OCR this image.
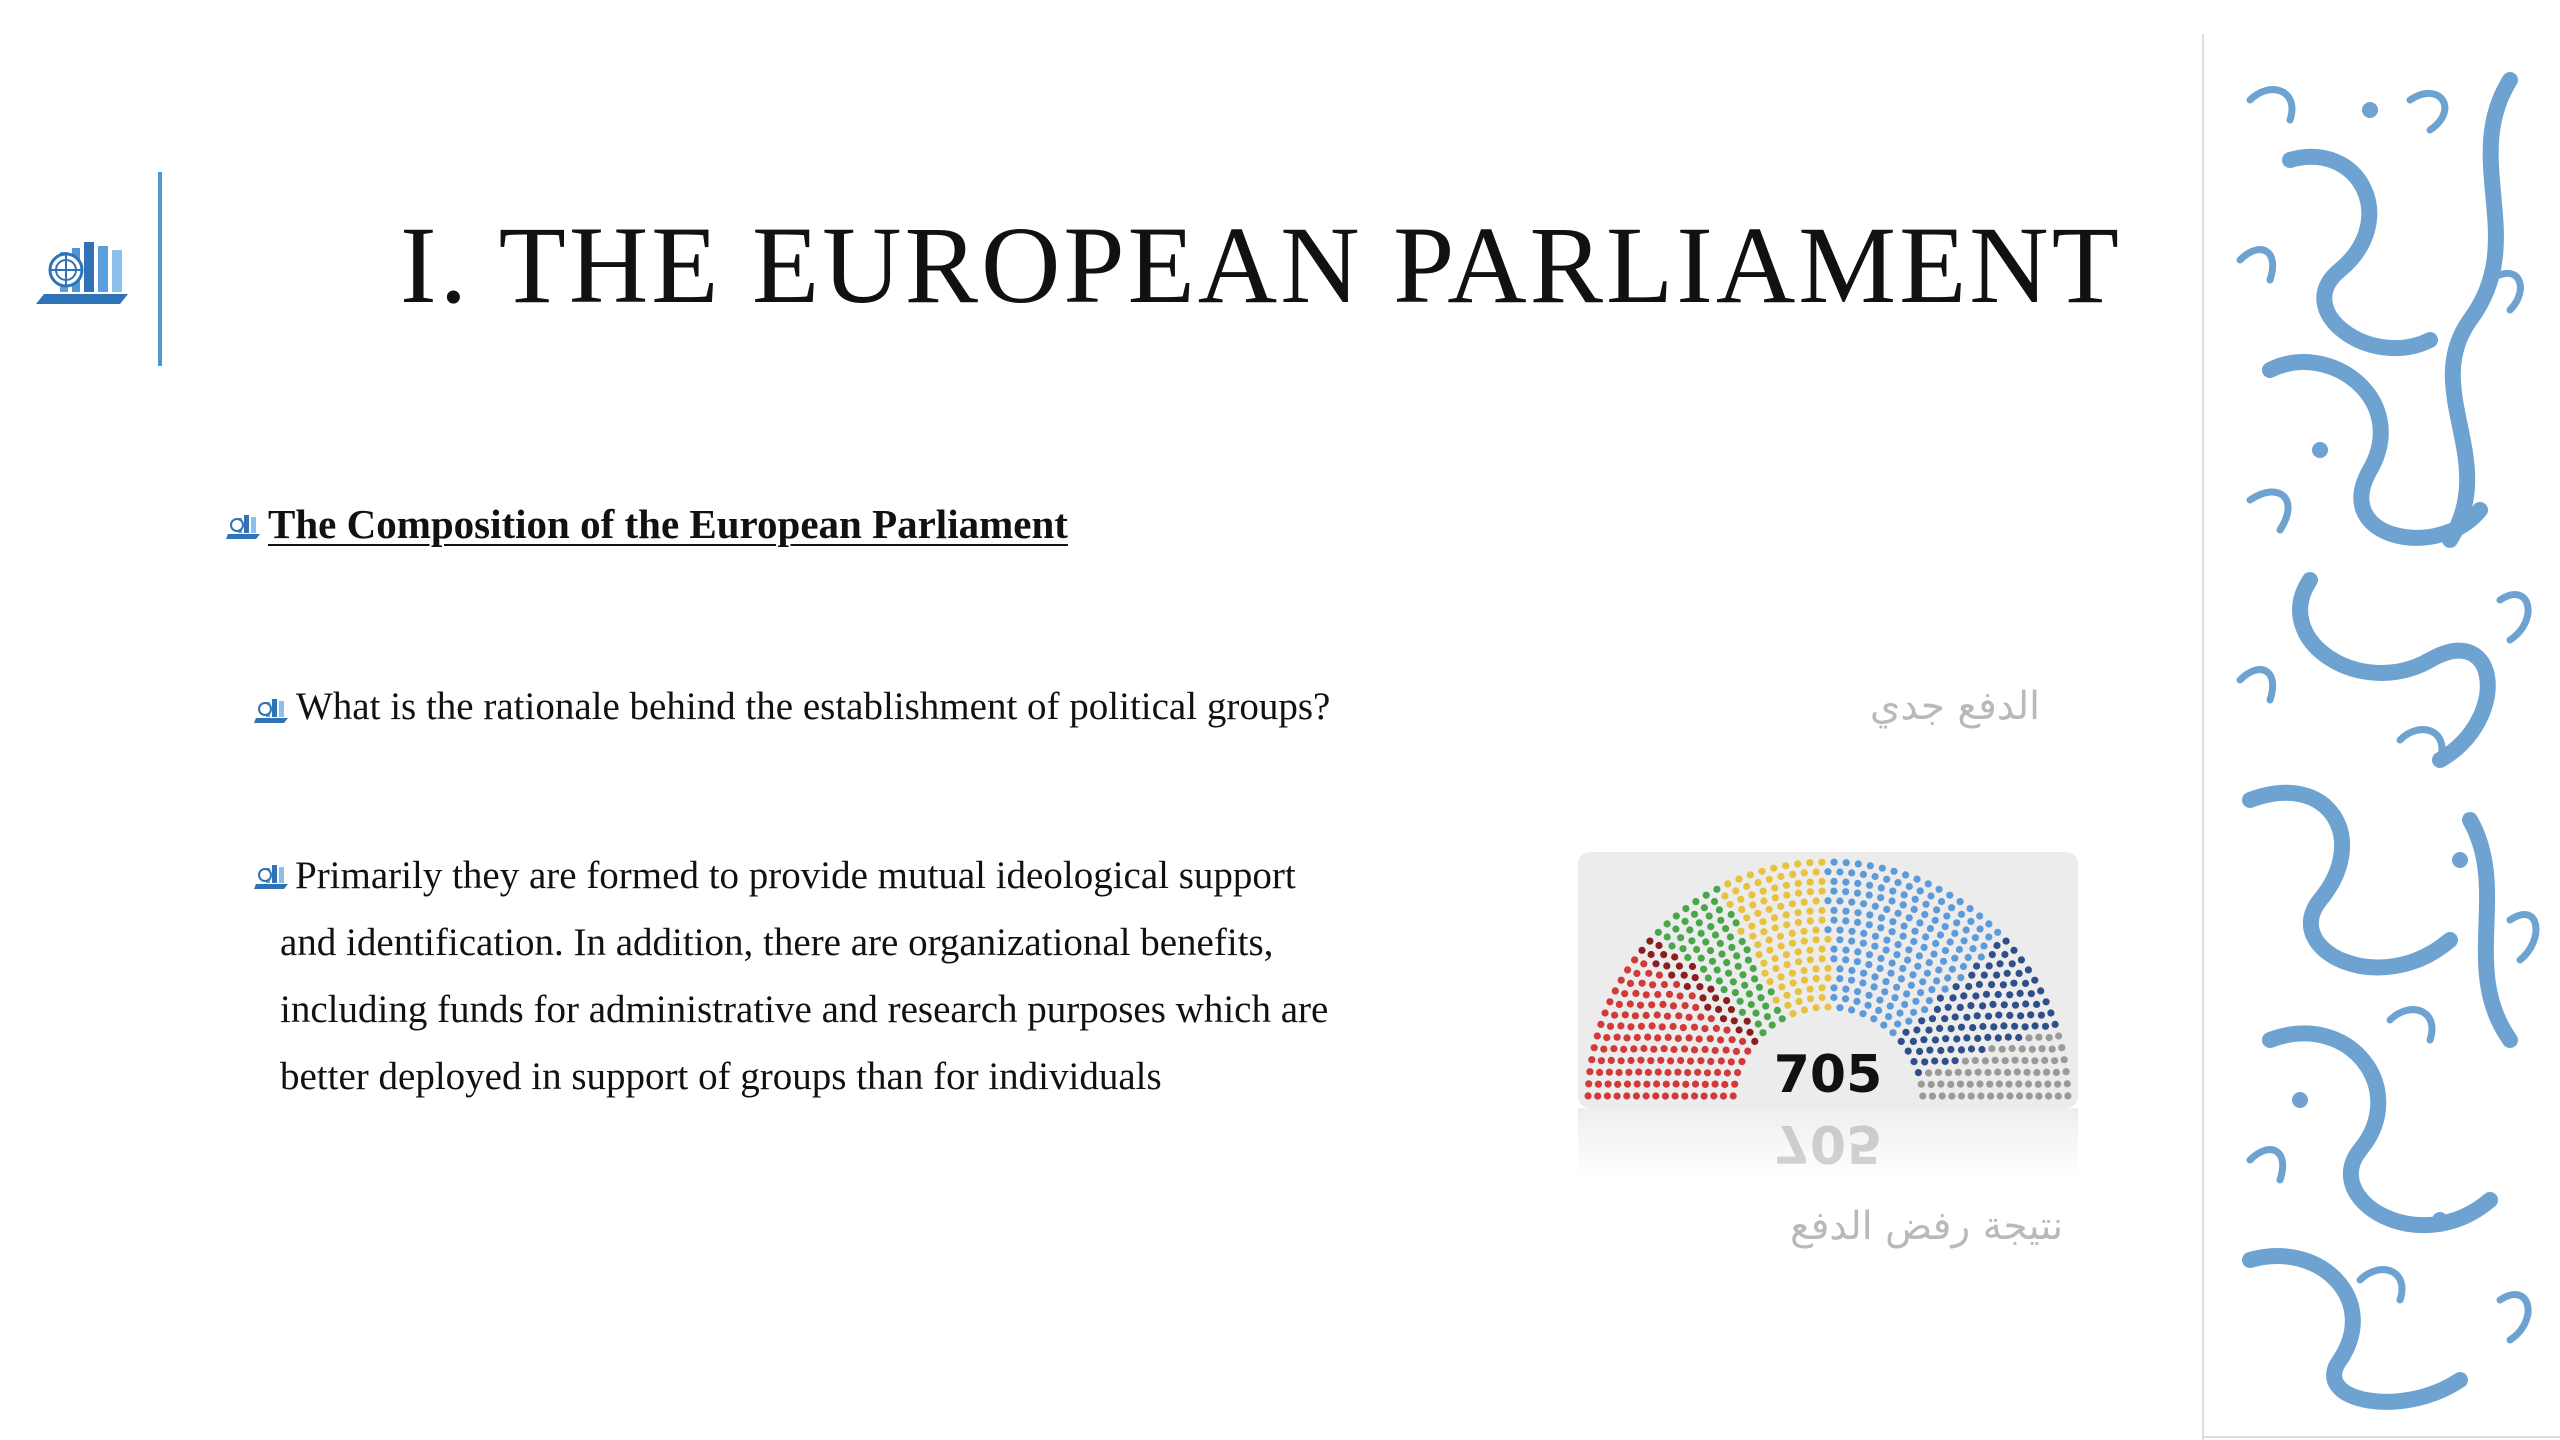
I. THE EUROPEAN PARLIAMENT
The Composition of the European Parliament
What is the rationale behind the establishment of political groups?
Primarily they are formed to provide mutual ideological support
and identification. In addition, there are organizational benefits,
including funds for administrative and research purposes which are
better deployed in support of groups than for individuals
الدفع جدي
نتيجة رفض الدفع
705
705
